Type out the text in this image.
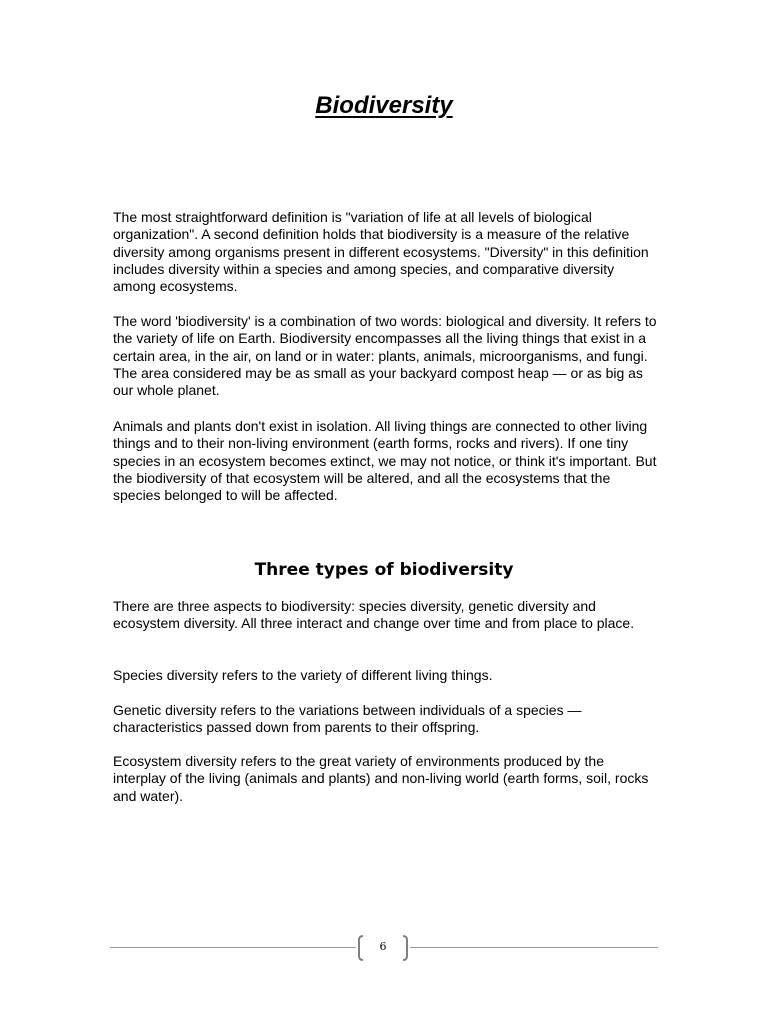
Biodiversity

The most straightforward definition is "variation of life at all levels of biological organization". A second definition holds that biodiversity is a measure of the relative diversity among organisms present in different ecosystems. "Diversity" in this definition includes diversity within a species and among species, and comparative diversity among ecosystems.

The word 'biodiversity' is a combination of two words: biological and diversity. It refers to the variety of life on Earth. Biodiversity encompasses all the living things that exist in a certain area, in the air, on land or in water: plants, animals, microorganisms, and fungi. The area considered may be as small as your backyard compost heap — or as big as our whole planet.

Animals and plants don't exist in isolation. All living things are connected to other living things and to their non-living environment (earth forms, rocks and rivers). If one tiny species in an ecosystem becomes extinct, we may not notice, or think it's important. But the biodiversity of that ecosystem will be altered, and all the ecosystems that the species belonged to will be affected.

Three types of biodiversity

There are three aspects to biodiversity: species diversity, genetic diversity and ecosystem diversity. All three interact and change over time and from place to place.

Species diversity refers to the variety of different living things.

Genetic diversity refers to the variations between individuals of a species — characteristics passed down from parents to their offspring.

Ecosystem diversity refers to the great variety of environments produced by the interplay of the living (animals and plants) and non-living world (earth forms, soil, rocks and water).

6
